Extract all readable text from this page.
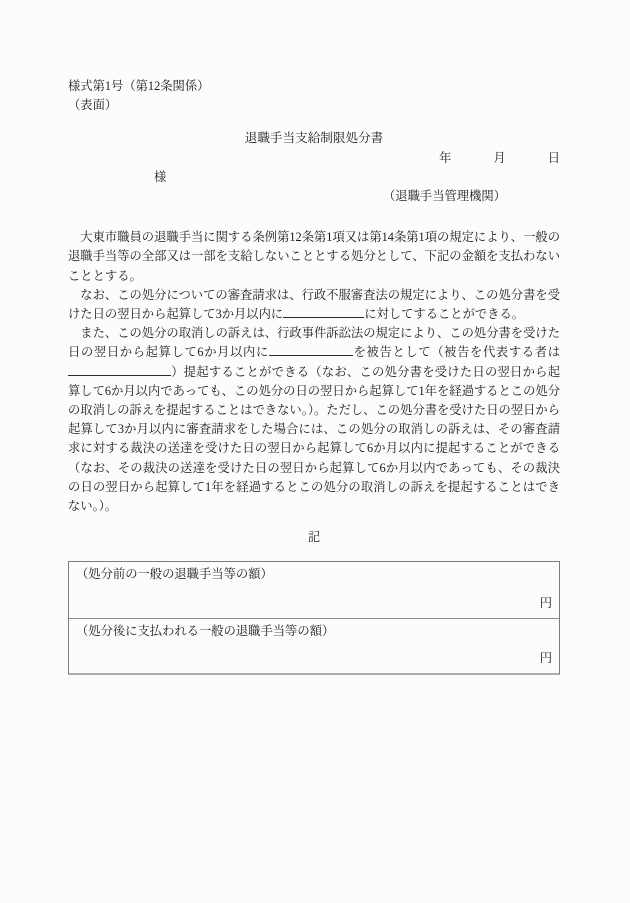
様式第1号（第12条関係）
（表面）
退職手当支給制限処分書
年	月	日
様
（退職手当管理機関）

大東市職員の退職手当に関する条例第12条第1項又は第14条第1項の規定により、一般の退職手当等の全部又は一部を支給しないこととする処分として、下記の金額を支払わないこととする。

なお、この処分についての審査請求は、行政不服審査法の規定により、この処分書を受けた日の翌日から起算して3か月以内に	に対してすることができる。

また、この処分の取消しの訴えは、行政事件訴訟法の規定により、この処分書を受けた日の翌日から起算して6か月以内に	を被告として（被告を代表する者は）提起することができる（なお、この処分書を受けた日の翌日から起算して6か月以内であっても、この処分の日の翌日から起算して1年を経過するとこの処分の取消しの訴えを提起することはできない。）。ただし、この処分書を受けた日の翌日から起算して3か月以内に審査請求をした場合には、この処分の取消しの訴えは、その審査請求に対する裁決の送達を受けた日の翌日から起算して6か月以内に提起することができる（なお、その裁決の送達を受けた日の翌日から起算して6か月以内であっても、その裁決の日の翌日から起算して1年を経過するとこの処分の取消しの訴えを提起することはできない。）。

記
（処分前の一般の退職手当等の額）
円
（処分後に支払われる一般の退職手当等の額）
円
